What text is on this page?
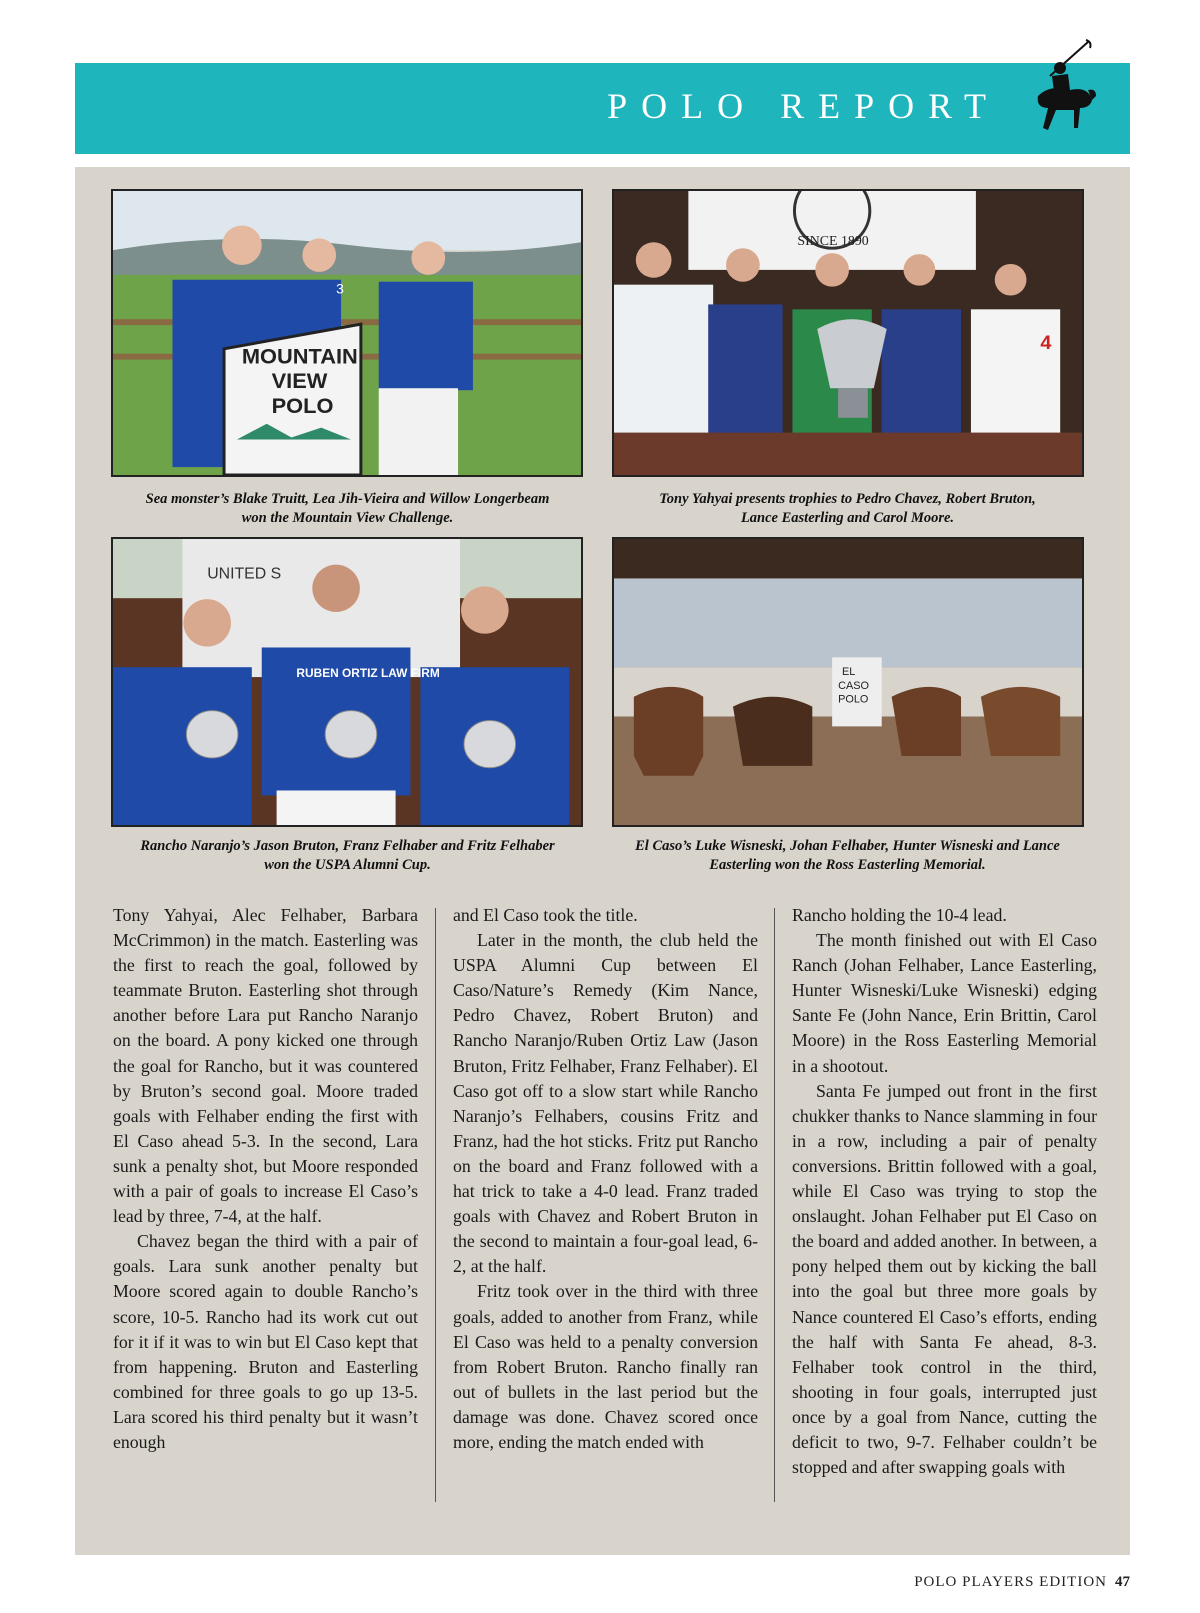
POLO REPORT
3
MOUNTAIN
VIEW
POLO
Sea monster’s Blake Truitt, Lea Jih-Vieira and Willow Longerbeam won the Mountain View Challenge.
SINCE 1890
4
Tony Yahyai presents trophies to Pedro Chavez, Robert Bruton, Lance Easterling and Carol Moore.
UNITED S
RUBEN ORTIZ LAW FIRM
Rancho Naranjo’s Jason Bruton, Franz Felhaber and Fritz Felhaber won the USPA Alumni Cup.
EL
CASO
POLO
El Caso’s Luke Wisneski, Johan Felhaber, Hunter Wisneski and Lance Easterling won the Ross Easterling Memorial.

Tony Yahyai, Alec Felhaber, Barbara McCrimmon) in the match. Easterling was the first to reach the goal, followed by teammate Bruton. Easterling shot through another before Lara put Rancho Naranjo on the board. A pony kicked one through the goal for Rancho, but it was countered by Bruton’s second goal. Moore traded goals with Felhaber ending the first with El Caso ahead 5-3. In the second, Lara sunk a penalty shot, but Moore responded with a pair of goals to increase El Caso’s lead by three, 7-4, at the half.

Chavez began the third with a pair of goals. Lara sunk another penalty but Moore scored again to double Rancho’s score, 10-5. Rancho had its work cut out for it if it was to win but El Caso kept that from happening. Bruton and Easterling combined for three goals to go up 13-5. Lara scored his third penalty but it wasn’t enough

and El Caso took the title.

Later in the month, the club held the USPA Alumni Cup between El Caso/Nature’s Remedy (Kim Nance, Pedro Chavez, Robert Bruton) and Rancho Naranjo/Ruben Ortiz Law (Jason Bruton, Fritz Felhaber, Franz Felhaber). El Caso got off to a slow start while Rancho Naranjo’s Felhabers, cousins Fritz and Franz, had the hot sticks. Fritz put Rancho on the board and Franz followed with a hat trick to take a 4-0 lead. Franz traded goals with Chavez and Robert Bruton in the second to maintain a four-goal lead, 6-2, at the half.

Fritz took over in the third with three goals, added to another from Franz, while El Caso was held to a penalty conversion from Robert Bruton. Rancho finally ran out of bullets in the last period but the damage was done. Chavez scored once more, ending the match ended with

Rancho holding the 10-4 lead.

The month finished out with El Caso Ranch (Johan Felhaber, Lance Easterling, Hunter Wisneski/Luke Wisneski) edging Sante Fe (John Nance, Erin Brittin, Carol Moore) in the Ross Easterling Memorial in a shootout.

Santa Fe jumped out front in the first chukker thanks to Nance slamming in four in a row, including a pair of penalty conversions. Brittin followed with a goal, while El Caso was trying to stop the onslaught. Johan Felhaber put El Caso on the board and added another. In between, a pony helped them out by kicking the ball into the goal but three more goals by Nance countered El Caso’s efforts, ending the half with Santa Fe ahead, 8-3. Felhaber took control in the third, shooting in four goals, interrupted just once by a goal from Nance, cutting the deficit to two, 9-7. Felhaber couldn’t be stopped and after swapping goals with

POLO PLAYERS EDITION 47
